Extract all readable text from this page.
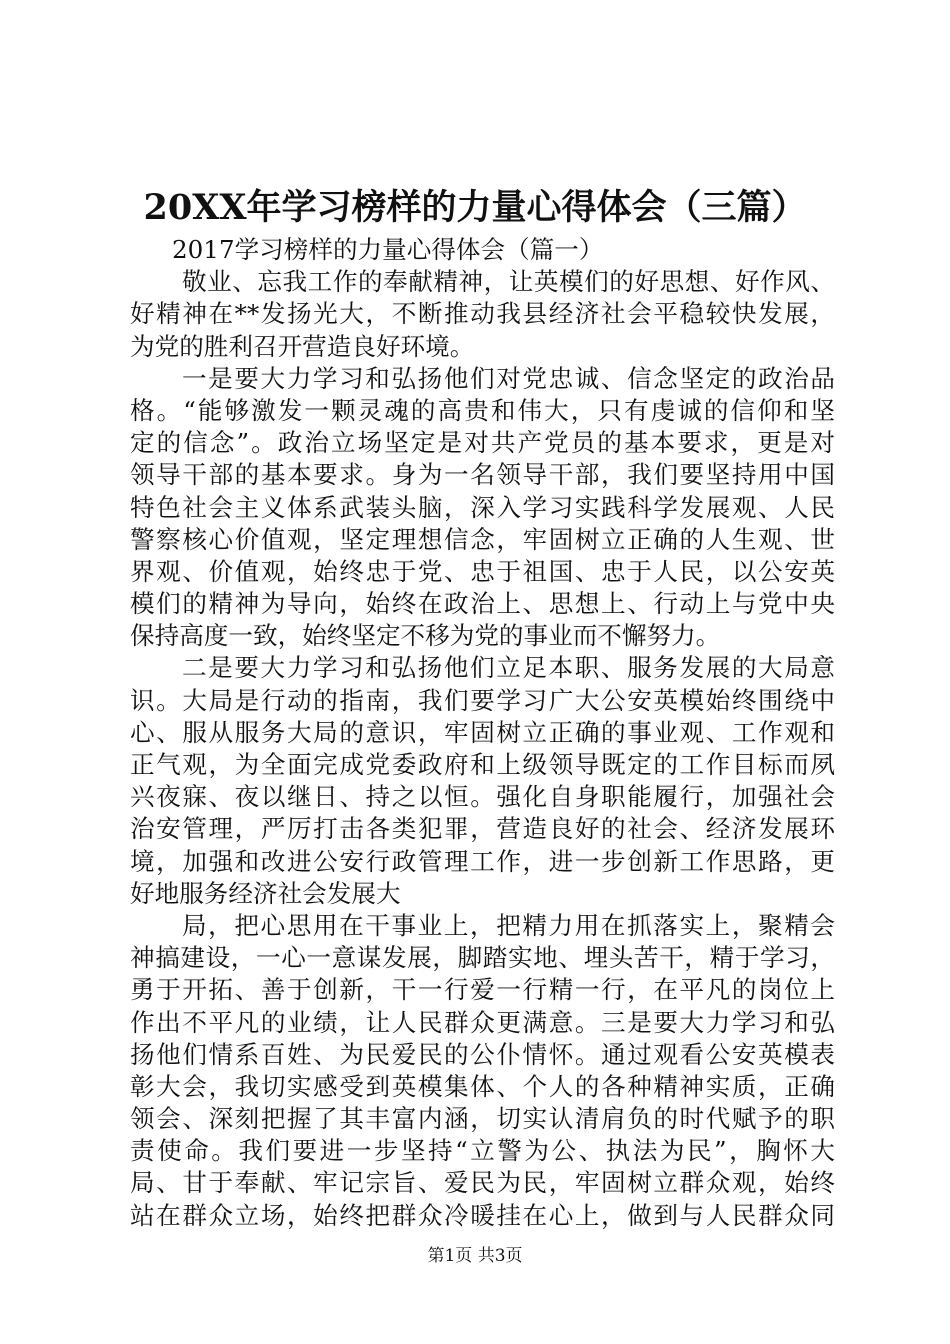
20XX年学习榜样的力量心得体会（三篇）
2017学习榜样的力量心得体会（篇一）
敬业、忘我工作的奉献精神，让英模们的好思想、好作风、
好精神在**发扬光大，不断推动我县经济社会平稳较快发展，
为党的胜利召开营造良好环境。
一是要大力学习和弘扬他们对党忠诚、信念坚定的政治品
格。“能够激发一颗灵魂的高贵和伟大，只有虔诚的信仰和坚
定的信念”。政治立场坚定是对共产党员的基本要求，更是对
领导干部的基本要求。身为一名领导干部，我们要坚持用中国
特色社会主义体系武装头脑，深入学习实践科学发展观、人民
警察核心价值观，坚定理想信念，牢固树立正确的人生观、世
界观、价值观，始终忠于党、忠于祖国、忠于人民，以公安英
模们的精神为导向，始终在政治上、思想上、行动上与党中央
保持高度一致，始终坚定不移为党的事业而不懈努力。
二是要大力学习和弘扬他们立足本职、服务发展的大局意
识。大局是行动的指南，我们要学习广大公安英模始终围绕中
心、服从服务大局的意识，牢固树立正确的事业观、工作观和
正气观，为全面完成党委政府和上级领导既定的工作目标而夙
兴夜寐、夜以继日、持之以恒。强化自身职能履行，加强社会
治安管理，严厉打击各类犯罪，营造良好的社会、经济发展环
境，加强和改进公安行政管理工作，进一步创新工作思路，更
好地服务经济社会发展大
局，把心思用在干事业上，把精力用在抓落实上，聚精会
神搞建设，一心一意谋发展，脚踏实地、埋头苦干，精于学习，
勇于开拓、善于创新，干一行爱一行精一行，在平凡的岗位上
作出不平凡的业绩，让人民群众更满意。三是要大力学习和弘
扬他们情系百姓、为民爱民的公仆情怀。通过观看公安英模表
彰大会，我切实感受到英模集体、个人的各种精神实质，正确
领会、深刻把握了其丰富内涵，切实认清肩负的时代赋予的职
责使命。我们要进一步坚持“立警为公、执法为民”，胸怀大
局、甘于奉献、牢记宗旨、爱民为民，牢固树立群众观，始终
站在群众立场，始终把群众冷暖挂在心上，做到与人民群众同
第1页 共3页
